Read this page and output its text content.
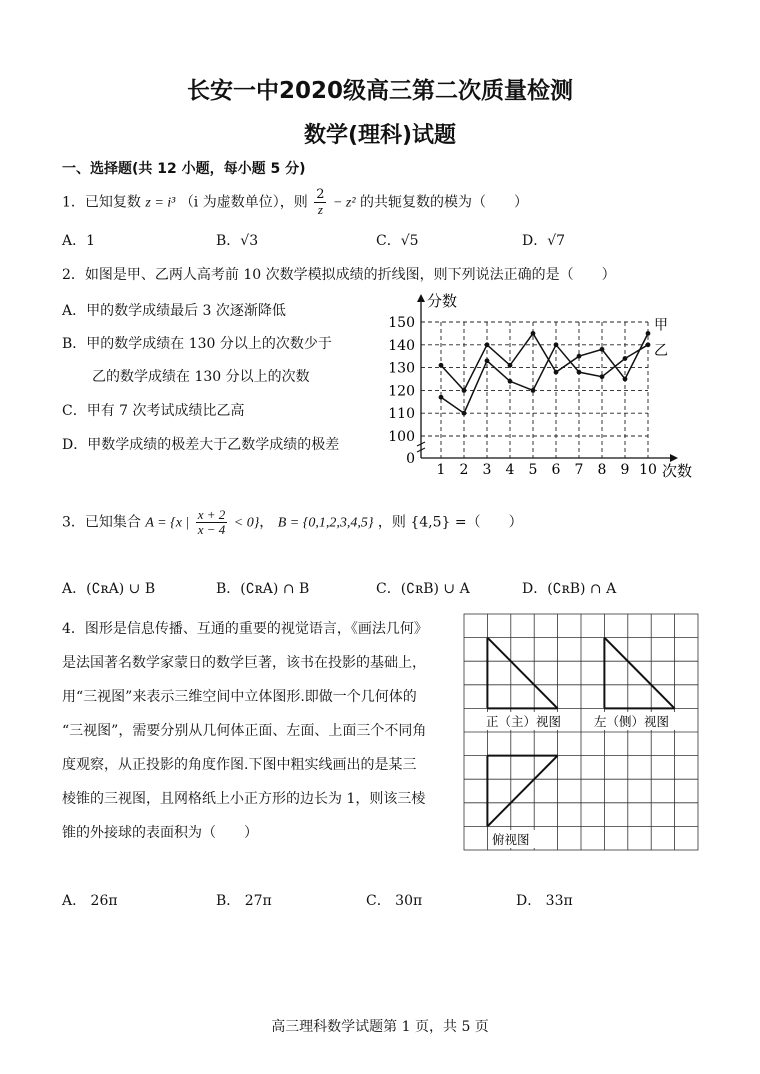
长安一中2020级高三第二次质量检测
数学(理科)试题
一、选择题(共 12 小题，每小题 5 分)
1．已知复数 z = i³ （i 为虚数单位），则 $\frac{2}{z} - z^2$ 的共轭复数的模为（　　）
A．1	B．√3	C．√5	D．√7
2．如图是甲、乙两人高考前 10 次数学模拟成绩的折线图，则下列说法正确的是（　　）
A．甲的数学成绩最后 3 次逐渐降低
B．甲的数学成绩在 130 分以上的次数少于
乙的数学成绩在 130 分以上的次数
C．甲有 7 次考试成绩比乙高
D．甲数学成绩的极差大于乙数学成绩的极差
0
100
110
120
130
140
150
1 2 3 4 5 6 7 8 9 10
分数
次数
甲
乙
3．已知集合 A = {x | $\frac{x + 2}{x - 4} < 0$}， B = {0,1,2,3,4,5} ，则 {4,5} =（　　）
A．(∁ʀA) ∪ B	B．(∁ʀA) ∩ B	C．(∁ʀB) ∪ A	D．(∁ʀB) ∩ A
4．图形是信息传播、互通的重要的视觉语言，《画法几何》
是法国著名数学家蒙日的数学巨著，该书在投影的基础上，
用“三视图”来表示三维空间中立体图形.即做一个几何体的
“三视图”，需要分别从几何体正面、左面、上面三个不同角
度观察，从正投影的角度作图.下图中粗实线画出的是某三
棱锥的三视图，且网格纸上小正方形的边长为 1，则该三棱
锥的外接球的表面积为（　　）
正（主）视图	左（侧）视图
俯视图
A． 26π	B． 27π	C． 30π	D． 33π
高三理科数学试题第 1 页，共 5 页
